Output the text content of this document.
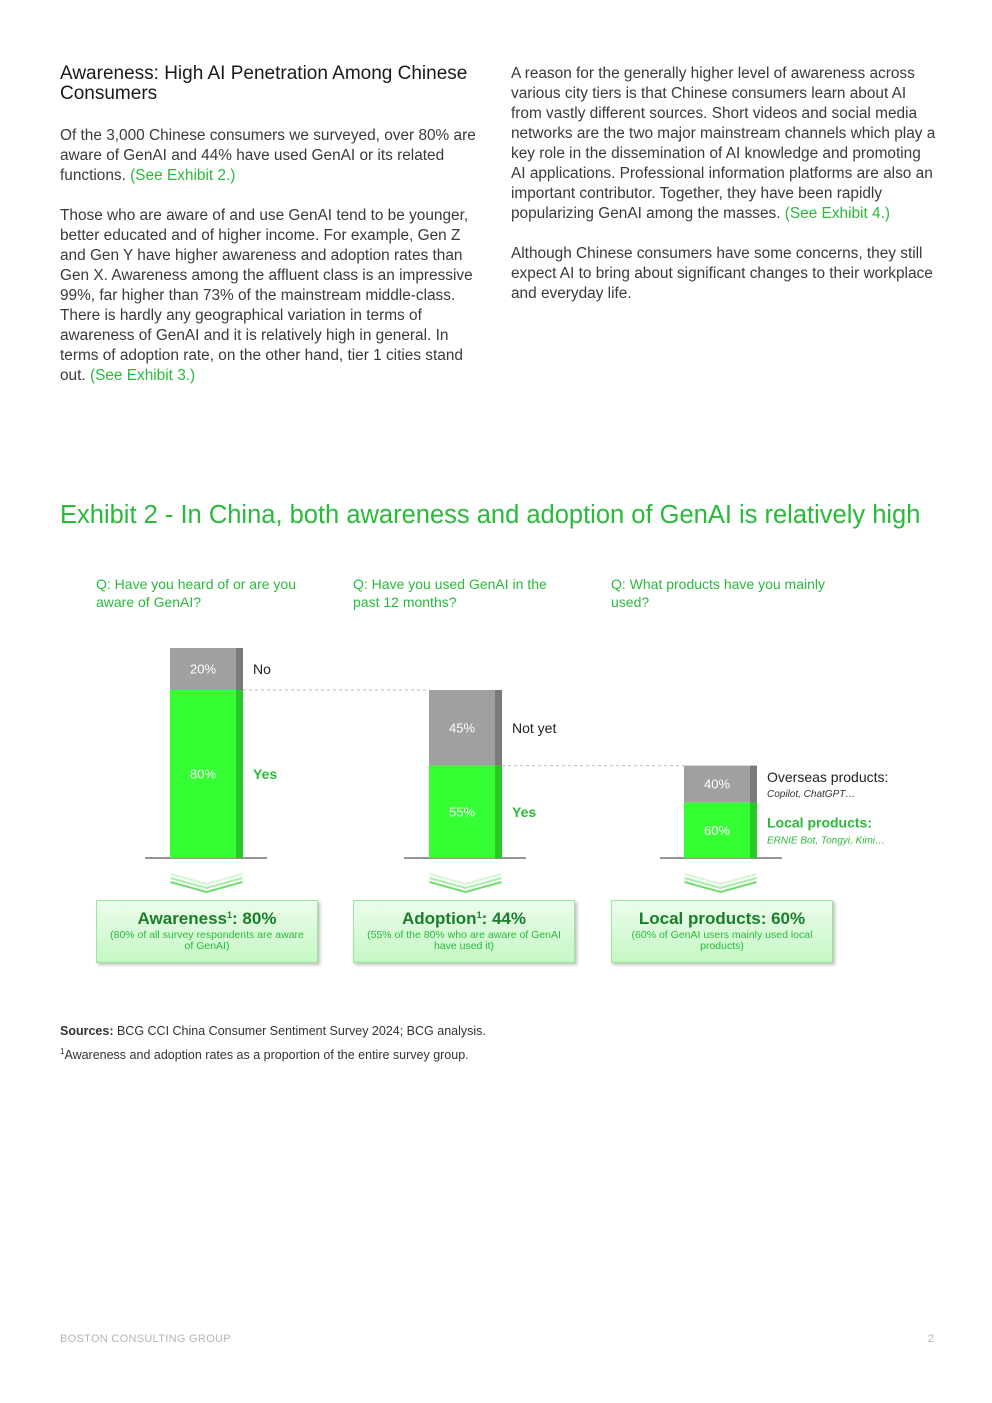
Awareness: High AI Penetration Among Chinese Consumers

Of the 3,000 Chinese consumers we surveyed, over 80% are aware of GenAI and 44% have used GenAI or its related functions. (See Exhibit 2.)

Those who are aware of and use GenAI tend to be younger, better educated and of higher income. For example, Gen Z and Gen Y have higher awareness and adoption rates than Gen X. Awareness among the affluent class is an impressive 99%, far higher than 73% of the mainstream middle-class. There is hardly any geographical variation in terms of awareness of GenAI and it is relatively high in general. In terms of adoption rate, on the other hand, tier 1 cities stand out. (See Exhibit 3.)

A reason for the generally higher level of awareness across various city tiers is that Chinese consumers learn about AI from vastly different sources. Short videos and social media networks are the two major mainstream channels which play a key role in the dissemination of AI knowledge and promoting AI applications. Professional information platforms are also an important contributor. Together, they have been rapidly popularizing GenAI among the masses. (See Exhibit 4.)

Although Chinese consumers have some concerns, they still expect AI to bring about significant changes to their workplace and everyday life.

Exhibit 2 - In China, both awareness and adoption of GenAI is relatively high
Q: Have you heard of or are you aware of GenAI?
Q: Have you used GenAI in the past 12 months?
Q: What products have you mainly used?
20%
80%
No
Yes
45%
55%
Not yet
Yes
40%
60%
Overseas products:
Copilot, ChatGPT…
Local products:
ERNIE Bot, Tongyi, Kimi…
Awareness$^1$: 80%
(80% of all survey respondents are aware of GenAI)
Adoption$^1$: 44%
(55% of the 80% who are aware of GenAI have used it)
Local products: 60%
(60% of GenAI users mainly used local products)
Sources: BCG CCI China Consumer Sentiment Survey 2024; BCG analysis.
$^1$Awareness and adoption rates as a proportion of the entire survey group.
BOSTON CONSULTING GROUP	2
